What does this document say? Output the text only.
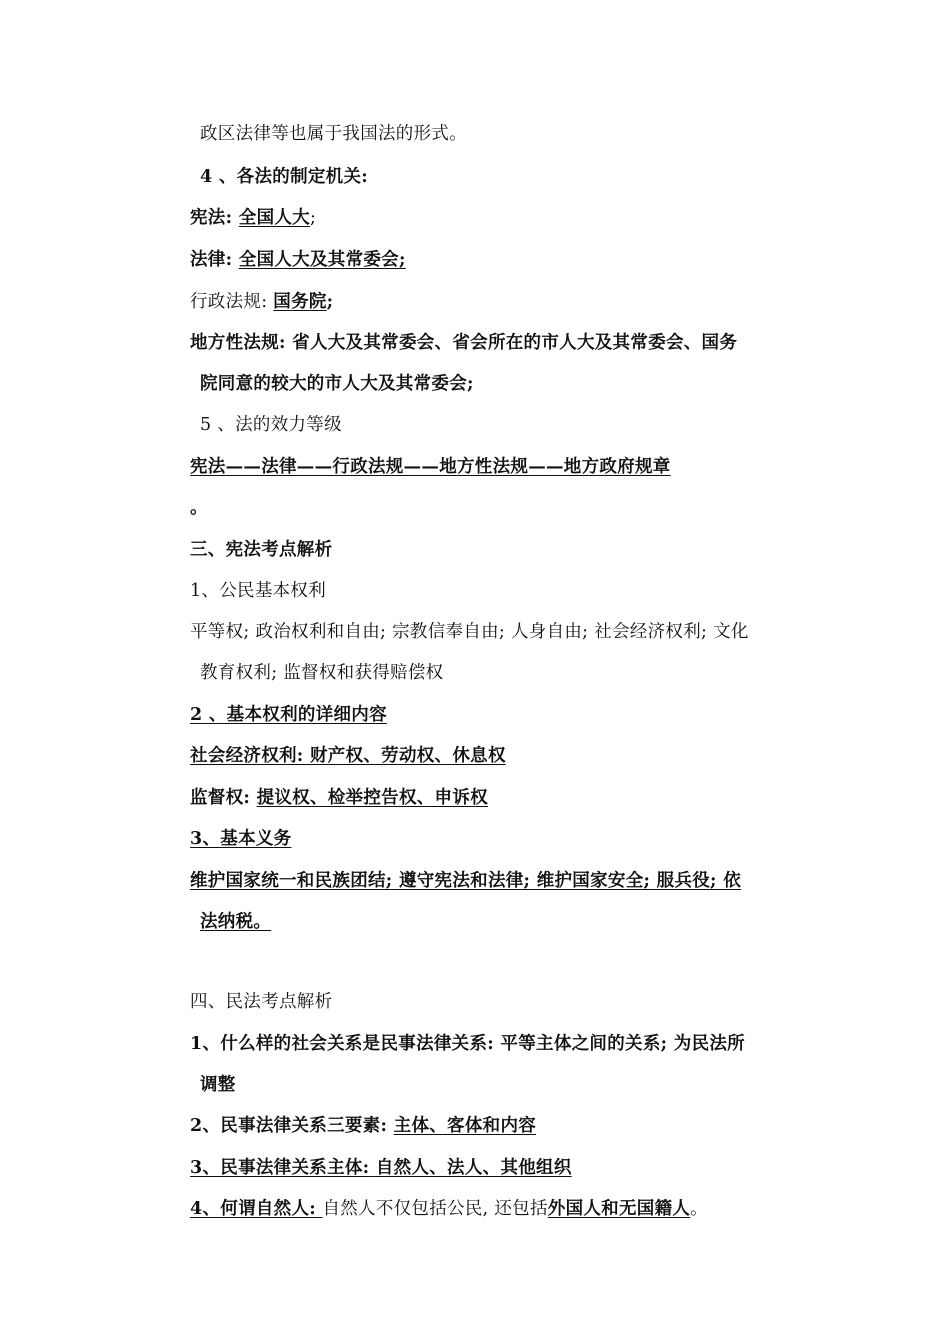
政区法律等也属于我国法的形式。
4 、各法的制定机关:
宪法: 全国人大;
法律: 全国人大及其常委会;
行政法规: 国务院;
地方性法规: 省人大及其常委会、省会所在的市人大及其常委会、国务
院同意的较大的市人大及其常委会;
5 、法的效力等级
宪法——法律——行政法规——地方性法规——地方政府规章
。
三、宪法考点解析
1、公民基本权利
平等权; 政治权利和自由; 宗教信奉自由; 人身自由; 社会经济权利; 文化
教育权利; 监督权和获得赔偿权
2 、基本权利的详细内容
社会经济权利: 财产权、劳动权、休息权
监督权: 提议权、检举控告权、申诉权
3、基本义务
维护国家统一和民族团结; 遵守宪法和法律; 维护国家安全; 服兵役; 依
法纳税。
四、民法考点解析
1、什么样的社会关系是民事法律关系: 平等主体之间的关系; 为民法所
调整
2、民事法律关系三要素: 主体、客体和内容
3、民事法律关系主体: 自然人、法人、其他组织
4、何谓自然人: 自然人不仅包括公民, 还包括外国人和无国籍人。
